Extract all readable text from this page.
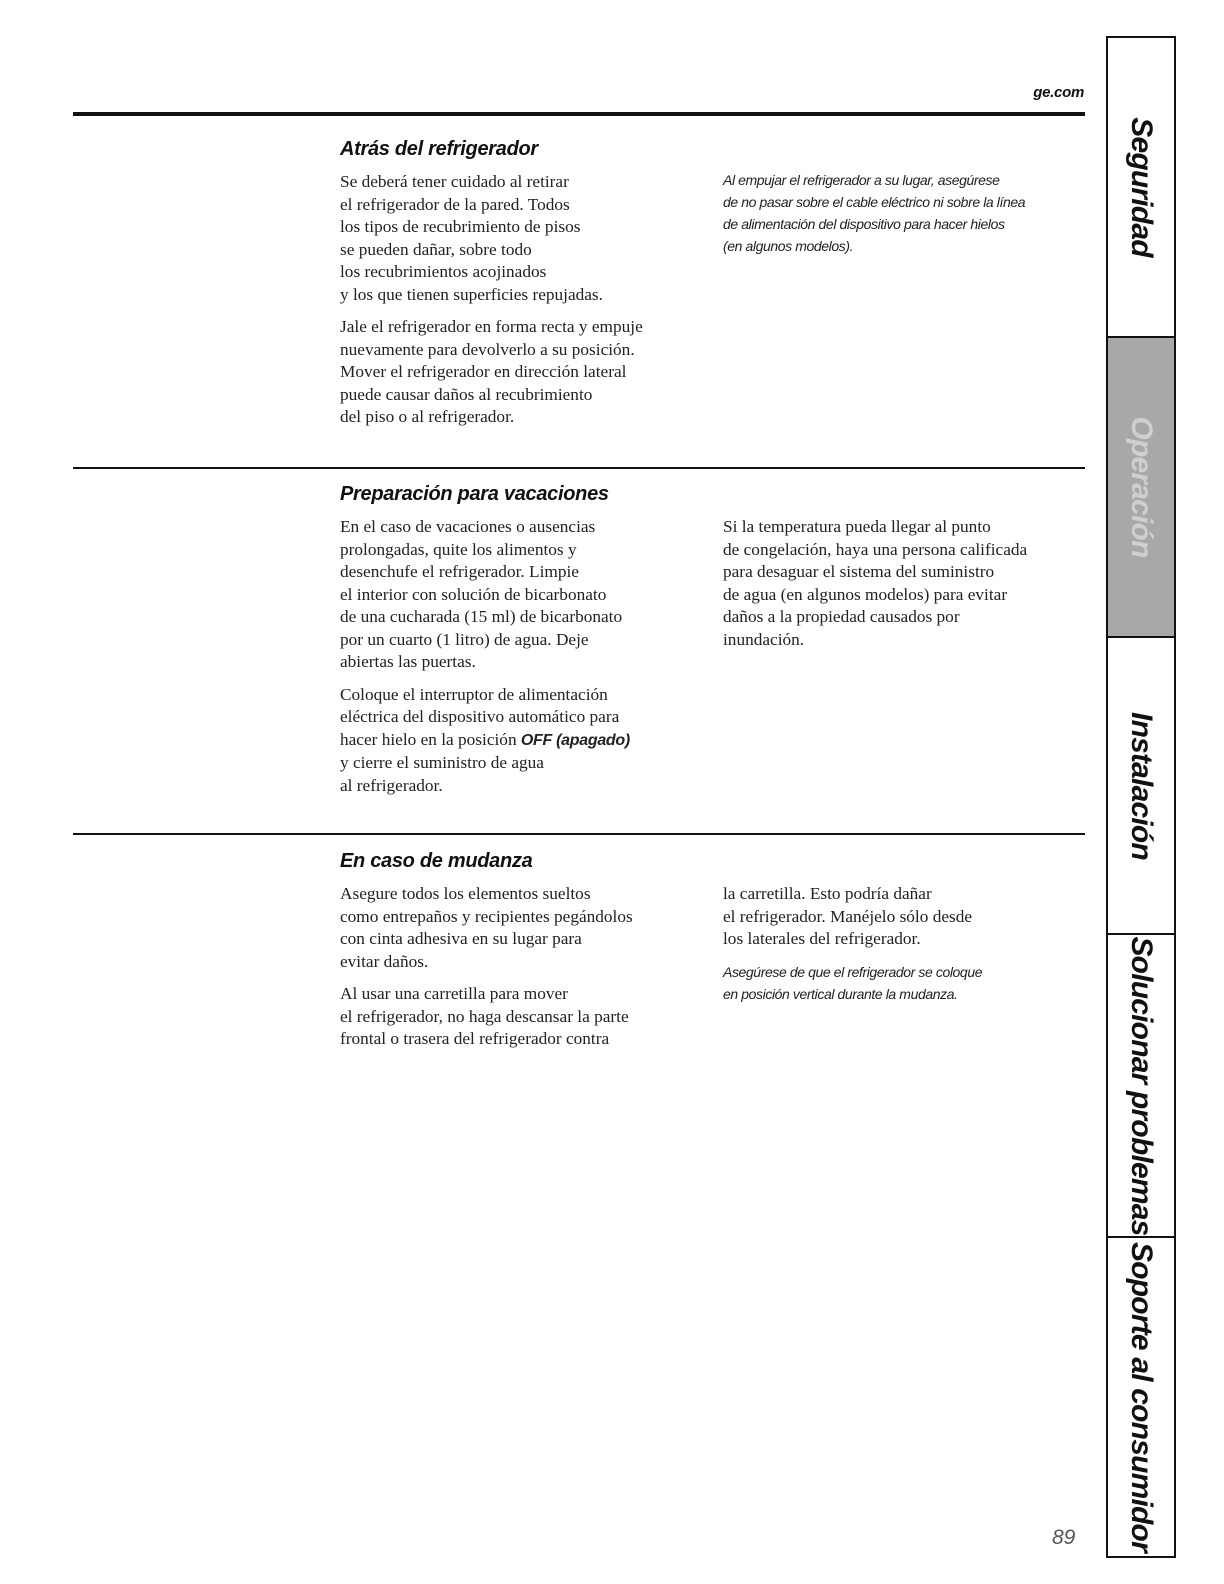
ge.com
Atrás del refrigerador

Se deberá tener cuidado al retirar
el refrigerador de la pared. Todos
los tipos de recubrimiento de pisos
se pueden dañar, sobre todo
los recubrimientos acojinados
y los que tienen superficies repujadas.

Jale el refrigerador en forma recta y empuje
nuevamente para devolverlo a su posición.
Mover el refrigerador en dirección lateral
puede causar daños al recubrimiento
del piso o al refrigerador.

Al empujar el refrigerador a su lugar, asegúrese
de no pasar sobre el cable eléctrico ni sobre la línea
de alimentación del dispositivo para hacer hielos
(en algunos modelos).

Preparación para vacaciones

En el caso de vacaciones o ausencias
prolongadas, quite los alimentos y
desenchufe el refrigerador. Limpie
el interior con solución de bicarbonato
de una cucharada (15 ml) de bicarbonato
por un cuarto (1 litro) de agua. Deje
abiertas las puertas.

Coloque el interruptor de alimentación
eléctrica del dispositivo automático para
hacer hielo en la posición OFF (apagado)
y cierre el suministro de agua
al refrigerador.

Si la temperatura pueda llegar al punto
de congelación, haya una persona calificada
para desaguar el sistema del suministro
de agua (en algunos modelos) para evitar
daños a la propiedad causados por
inundación.

En caso de mudanza

Asegure todos los elementos sueltos
como entrepaños y recipientes pegándolos
con cinta adhesiva en su lugar para
evitar daños.

Al usar una carretilla para mover
el refrigerador, no haga descansar la parte
frontal o trasera del refrigerador contra

la carretilla. Esto podría dañar
el refrigerador. Manéjelo sólo desde
los laterales del refrigerador.

Asegúrese de que el refrigerador se coloque
en posición vertical durante la mudanza.

89
Seguridad
Operación
Instalación
Solucionar problemas
Soporte al consumidor
